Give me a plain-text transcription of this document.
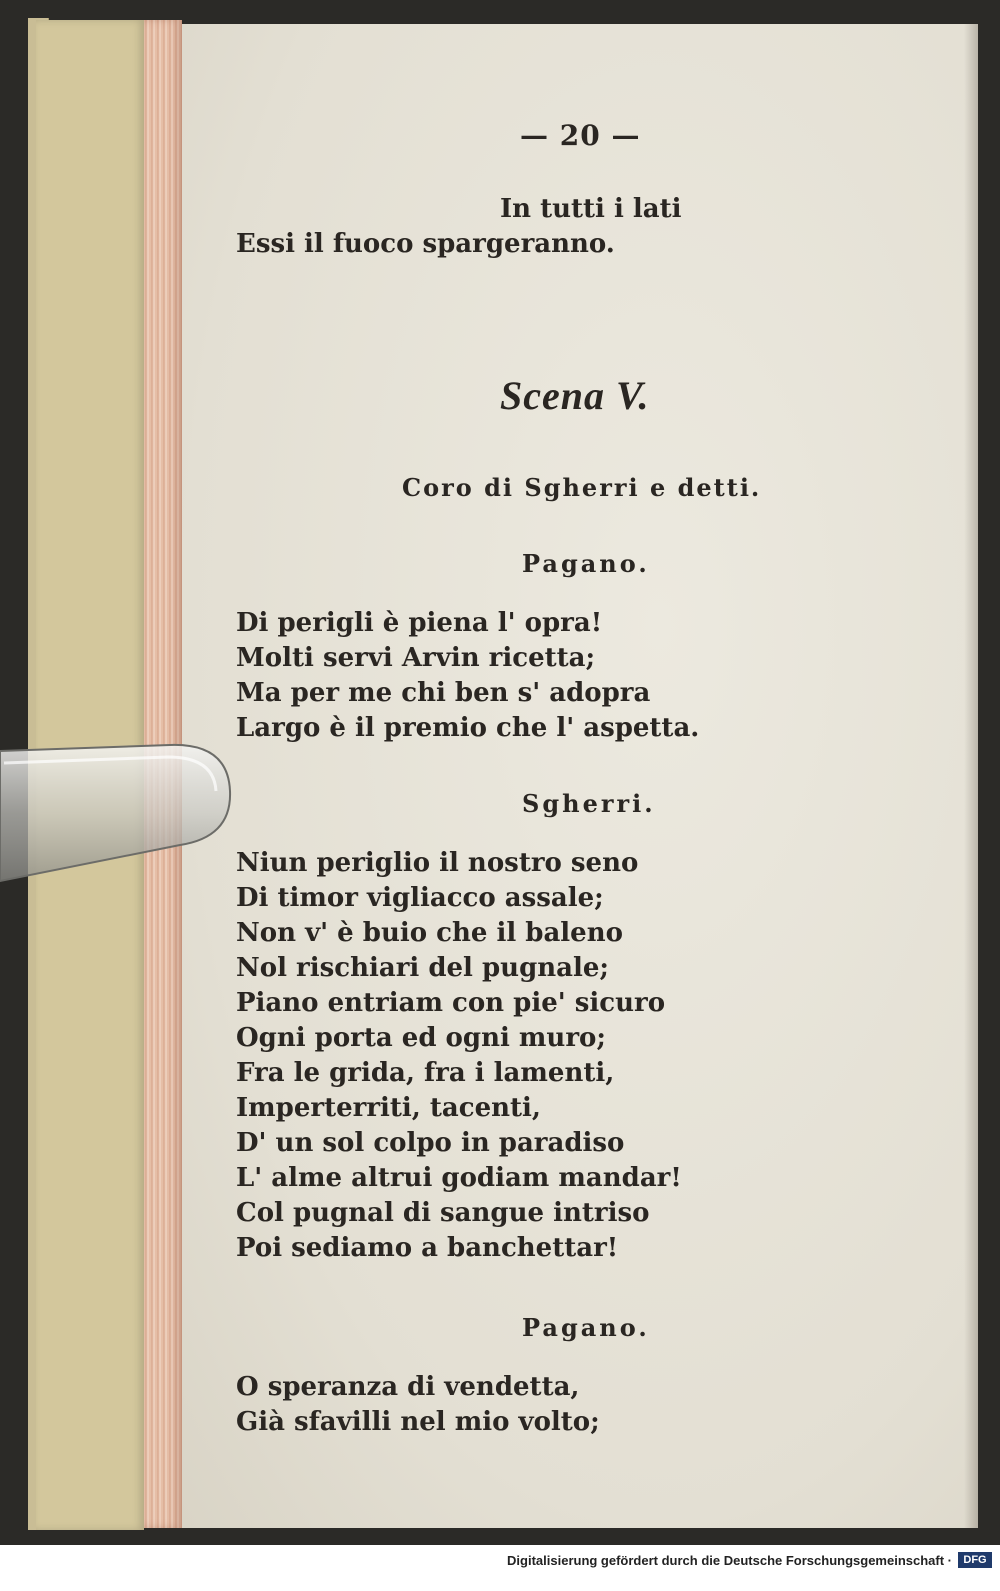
— 20 —
In tutti i lati
Essi il fuoco spargeranno.
Scena V.
Coro di Sgherri e detti.
Pagano.
Di perigli è piena l' opra!
Molti servi Arvin ricetta;
Ma per me chi ben s' adopra
Largo è il premio che l' aspetta.
Sgherri.
Niun periglio il nostro seno
Di timor vigliacco assale;
Non v' è buio che il baleno
Nol rischiari del pugnale;
Piano entriam con pie' sicuro
Ogni porta ed ogni muro;
Fra le grida, fra i lamenti,
Imperterriti, tacenti,
D' un sol colpo in paradiso
L' alme altrui godiam mandar!
Col pugnal di sangue intriso
Poi sediamo a banchettar!
Pagano.
O speranza di vendetta,
Già sfavilli nel mio volto;
Digitalisierung gefördert durch die Deutsche Forschungsgemeinschaft ·	DFG
